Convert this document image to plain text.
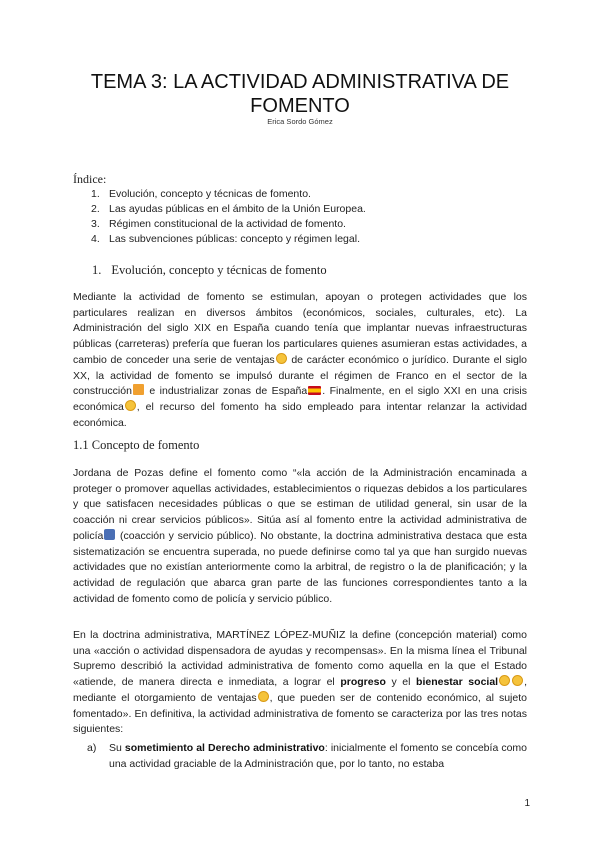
TEMA 3: LA ACTIVIDAD ADMINISTRATIVA DE
FOMENTO
Erica Sordo Gómez
Índice:
1. Evolución, concepto y técnicas de fomento.
2. Las ayudas públicas en el ámbito de la Unión Europea.
3. Régimen constitucional de la actividad de fomento.
4. Las subvenciones públicas: concepto y régimen legal.
1. Evolución, concepto y técnicas de fomento

Mediante la actividad de fomento se estimulan, apoyan o protegen actividades que los particulares realizan en diversos ámbitos (económicos, sociales, culturales, etc). La Administración del siglo XIX en España cuando tenía que implantar nuevas infraestructuras públicas (carreteras) prefería que fueran los particulares quienes asumieran estas actividades, a cambio de conceder una serie de ventajas de carácter económico o jurídico. Durante el siglo XX, la actividad de fomento se impulsó durante el régimen de Franco en el sector de la construcción e industrializar zonas de España . Finalmente, en el siglo XXI en una crisis económica , el recurso del fomento ha sido empleado para intentar relanzar la actividad económica.

1.1 Concepto de fomento

Jordana de Pozas define el fomento como “«la acción de la Administración encaminada a proteger o promover aquellas actividades, establecimientos o riquezas debidos a los particulares y que satisfacen necesidades públicas o que se estiman de utilidad general, sin usar de la coacción ni crear servicios públicos». Sitúa así al fomento entre la actividad administrativa de policía (coacción y servicio público). No obstante, la doctrina administrativa destaca que esta sistematización se encuentra superada, no puede definirse como tal ya que han surgido nuevas actividades que no existían anteriormente como la arbitral, de registro o la de planificación; y la actividad de regulación que abarca gran parte de las funciones correspondientes tanto a la actividad de fomento como de policía y servicio público.

En la doctrina administrativa, MARTÍNEZ LÓPEZ-MUÑIZ la define (concepción material) como una «acción o actividad dispensadora de ayudas y recompensas». En la misma línea el Tribunal Supremo describió la actividad administrativa de fomento como aquella en la que el Estado «atiende, de manera directa e inmediata, a lograr el progreso y el bienestar social , mediante el otorgamiento de ventajas , que pueden ser de contenido económico, al sujeto fomentado». En definitiva, la actividad administrativa de fomento se caracteriza por las tres notas siguientes:

a) Su sometimiento al Derecho administrativo: inicialmente el fomento se concebía como una actividad graciable de la Administración que, por lo tanto, no estaba
1
